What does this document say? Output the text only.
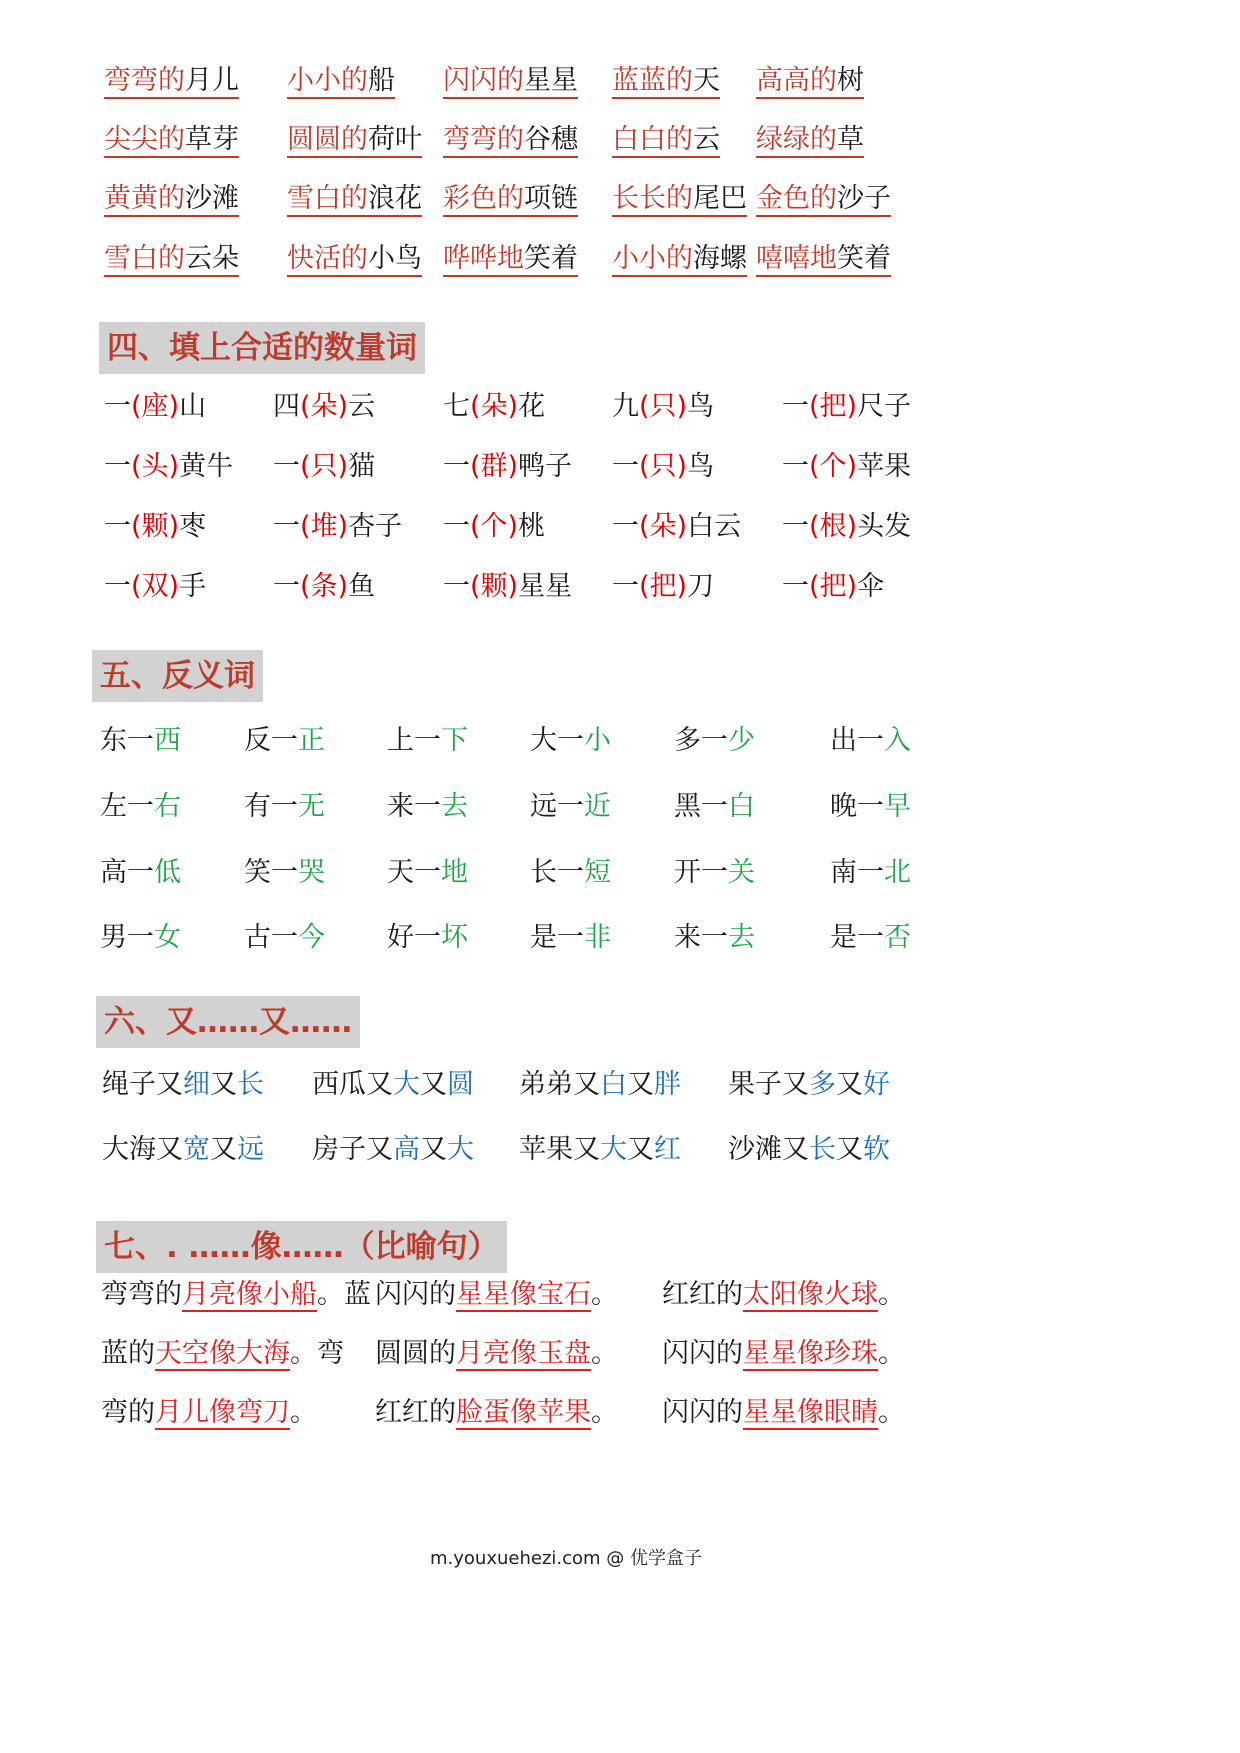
弯弯的月儿 小小的船 闪闪的星星 蓝蓝的天 高高的树
尖尖的草芽 圆圆的荷叶 弯弯的谷穗 白白的云 绿绿的草
黄黄的沙滩 雪白的浪花 彩色的项链 长长的尾巴 金色的沙子
雪白的云朵 快活的小鸟 哗哗地笑着 小小的海螺 嘻嘻地笑着
四、填上合适的数量词
一(座)山 四(朵)云	七(朵)花 九(只)鸟	一(把)尺子
一(头)黄牛 一(只)猫	一(群)鸭子 一(只)鸟	一(个)苹果
一(颗)枣 一(堆)杏子 一(个)桃 一(朵)白云 一(根)头发
一(双)手 一(条)鱼	一(颗)星星 一(把)刀	一(把)伞
五、反义词
东一西 反一正 上一下 大一小 多一少	出一入
左一右 有一无 来一去 远一近 黑一白	晚一早
高一低 笑一哭 天一地 长一短 开一关	南一北
男一女 古一今 好一坏 是一非 来一去	是一否
六、又……又……
绳子又细又长 西瓜又大又圆 弟弟又白又胖 果子又多又好
大海又宽又远 房子又高又大 苹果又大又红 沙滩又长又软
七、. ……像……（比喻句）
弯弯的月亮像小船。蓝 闪闪的星星像宝石。 红红的太阳像火球。
蓝的天空像大海。弯 圆圆的月亮像玉盘。 闪闪的星星像珍珠。
弯的月儿像弯刀。 红红的脸蛋像苹果。 闪闪的星星像眼睛。
m.youxuehezi.com @ 优学盒子
